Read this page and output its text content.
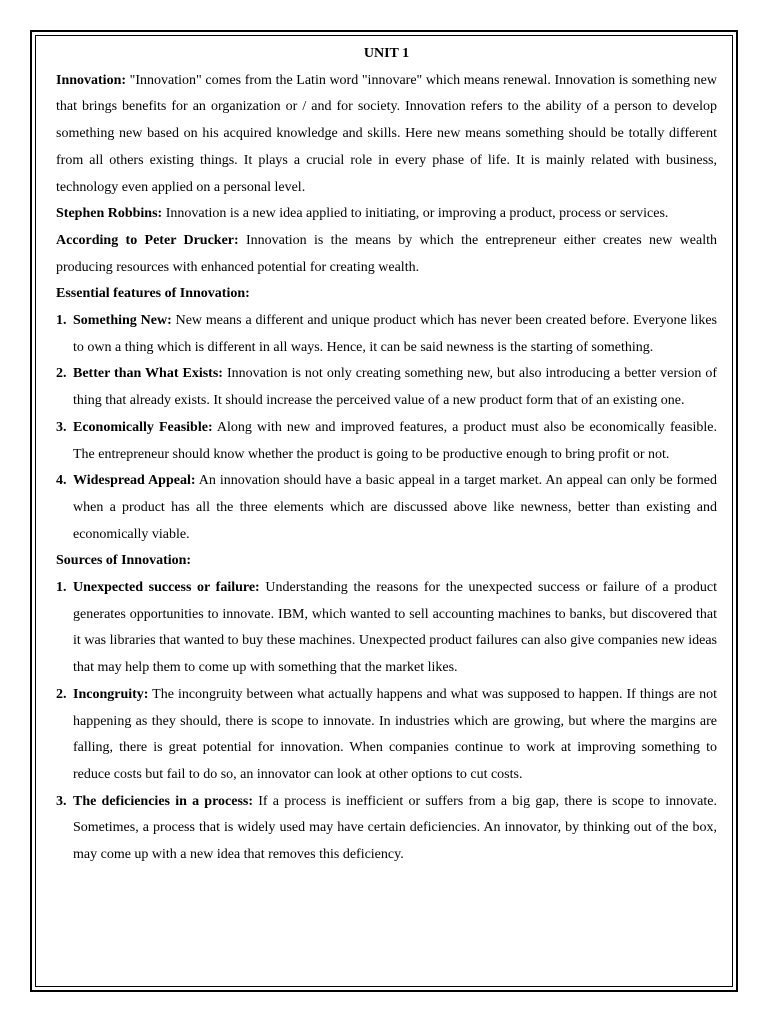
UNIT 1

Innovation: "Innovation" comes from the Latin word "innovare" which means renewal. Innovation is something new that brings benefits for an organization or / and for society. Innovation refers to the ability of a person to develop something new based on his acquired knowledge and skills. Here new means something should be totally different from all others existing things. It plays a crucial role in every phase of life. It is mainly related with business, technology even applied on a personal level.

Stephen Robbins: Innovation is a new idea applied to initiating, or improving a product, process or services.

According to Peter Drucker: Innovation is the means by which the entrepreneur either creates new wealth producing resources with enhanced potential for creating wealth.

Essential features of Innovation:

1. Something New: New means a different and unique product which has never been created before. Everyone likes to own a thing which is different in all ways. Hence, it can be said newness is the starting of something.
2. Better than What Exists: Innovation is not only creating something new, but also introducing a better version of thing that already exists. It should increase the perceived value of a new product form that of an existing one.
3. Economically Feasible: Along with new and improved features, a product must also be economically feasible. The entrepreneur should know whether the product is going to be productive enough to bring profit or not.
4. Widespread Appeal: An innovation should have a basic appeal in a target market. An appeal can only be formed when a product has all the three elements which are discussed above like newness, better than existing and economically viable.

Sources of Innovation:

1. Unexpected success or failure: Understanding the reasons for the unexpected success or failure of a product generates opportunities to innovate. IBM, which wanted to sell accounting machines to banks, but discovered that it was libraries that wanted to buy these machines. Unexpected product failures can also give companies new ideas that may help them to come up with something that the market likes.
2. Incongruity: The incongruity between what actually happens and what was supposed to happen. If things are not happening as they should, there is scope to innovate. In industries which are growing, but where the margins are falling, there is great potential for innovation. When companies continue to work at improving something to reduce costs but fail to do so, an innovator can look at other options to cut costs.
3. The deficiencies in a process: If a process is inefficient or suffers from a big gap, there is scope to innovate. Sometimes, a process that is widely used may have certain deficiencies. An innovator, by thinking out of the box, may come up with a new idea that removes this deficiency.
